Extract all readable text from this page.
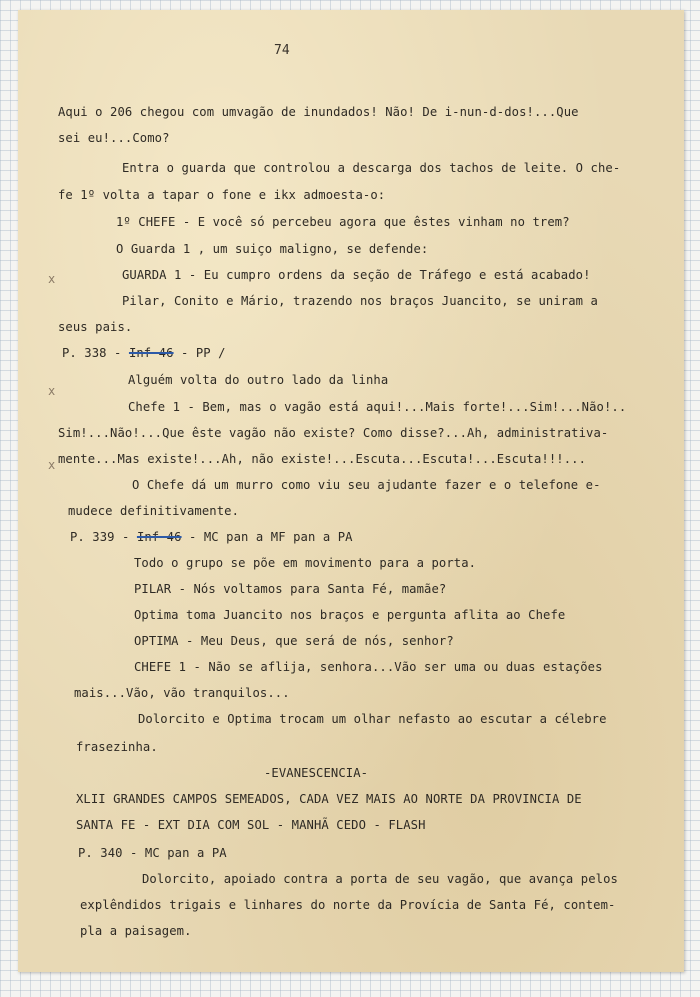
74
x
x
x
Aqui o 206 chegou com umvagão de inundados! Não! De i-nun-d-dos!...Que
sei eu!...Como?
Entra o guarda que controlou a descarga dos tachos de leite. O che-
fe 1º volta a tapar o fone e ikx admoesta-o:
1º CHEFE - E você só percebeu agora que êstes vinham no trem?
O Guarda 1 , um suiço maligno, se defende:
GUARDA 1 - Eu cumpro ordens da seção de Tráfego e está acabado!
Pilar, Conito e Mário, trazendo nos braços Juancito, se uniram a
seus pais.
P. 338 - Inf 46 - PP /
Alguém volta do outro lado da linha
Chefe 1 - Bem, mas o vagão está aqui!...Mais forte!...Sim!...Não!..
Sim!...Não!...Que êste vagão não existe? Como disse?...Ah, administrativa-
mente...Mas existe!...Ah, não existe!...Escuta...Escuta!...Escuta!!!...
O Chefe dá um murro como viu seu ajudante fazer e o telefone e-
mudece definitivamente.
P. 339 - Inf 46 - MC pan a MF pan a PA
Todo o grupo se põe em movimento para a porta.
PILAR - Nós voltamos para Santa Fé, mamãe?
Optima toma Juancito nos braços e pergunta aflita ao Chefe
OPTIMA - Meu Deus, que será de nós, senhor?
CHEFE 1 - Não se aflija, senhora...Vão ser uma ou duas estações
mais...Vão, vão tranquilos...
Dolorcito e Optima trocam um olhar nefasto ao escutar a célebre
frasezinha.
-EVANESCENCIA-
XLII GRANDES CAMPOS SEMEADOS, CADA VEZ MAIS AO NORTE DA PROVINCIA DE
SANTA FE - EXT DIA COM SOL - MANHÃ CEDO - FLASH
P. 340 - MC pan a PA
Dolorcito, apoiado contra a porta de seu vagão, que avança pelos
explêndidos trigais e linhares do norte da Provícia de Santa Fé, contem-
pla a paisagem.
